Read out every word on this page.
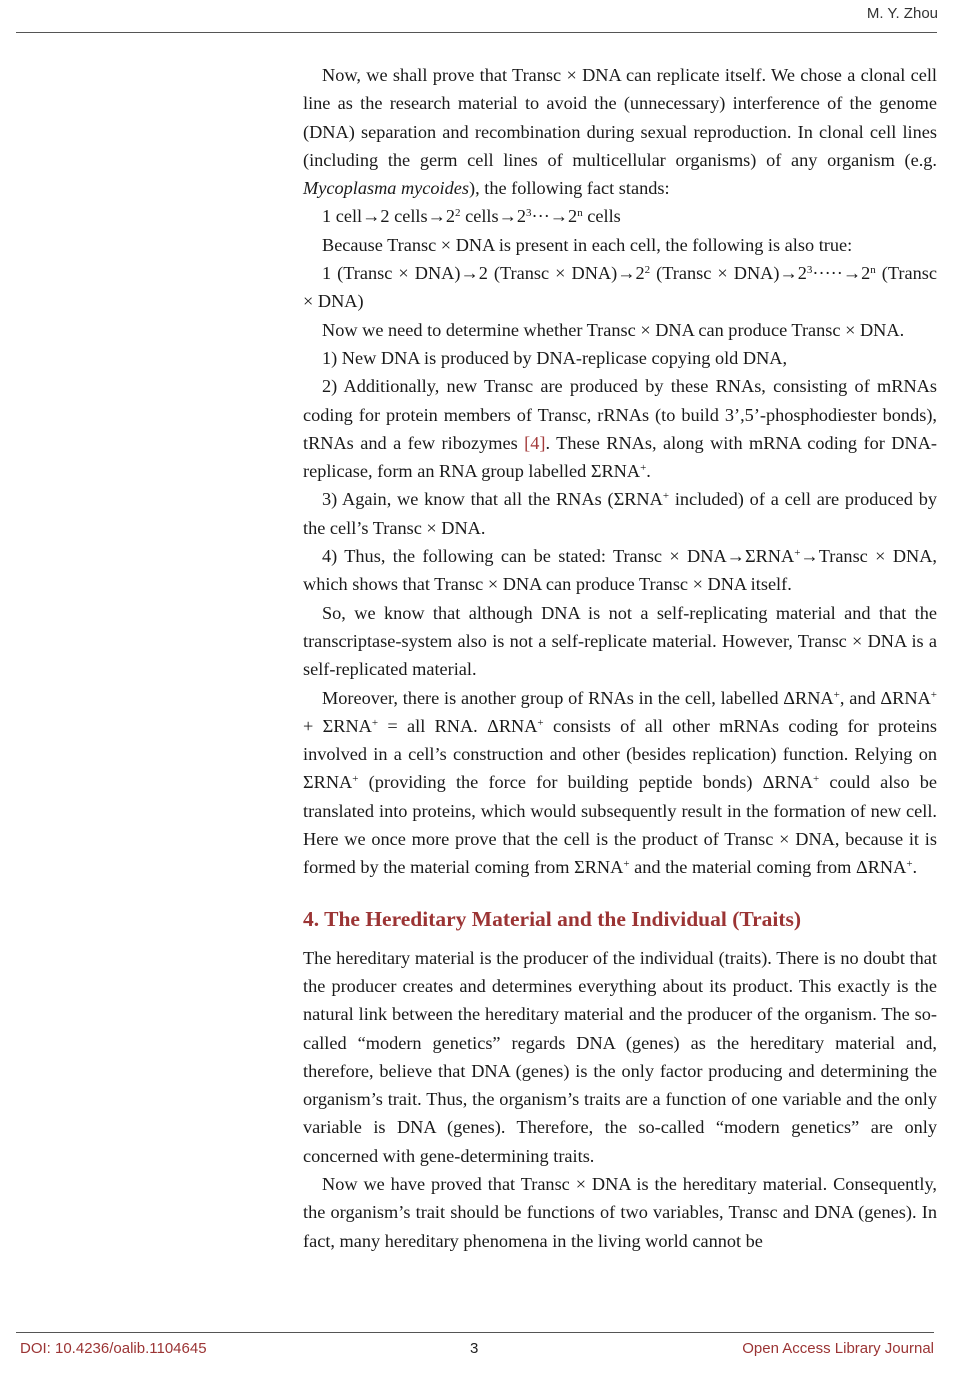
M. Y. Zhou

Now, we shall prove that Transc × DNA can replicate itself. We chose a clonal cell line as the research material to avoid the (unnecessary) interference of the genome (DNA) separation and recombination during sexual reproduction. In clonal cell lines (including the germ cell lines of multicellular organisms) of any organism (e.g. Mycoplasma mycoides), the following fact stands:

1 cell→2 $cells\to 2^2$ $cells\to 2^3\cdot\cdot\cdot\to 2^n$ cells

Because Transc × DNA is present in each cell, the following is also true:

1 (Transc × DNA)→2 (Transc × $DNA)\to 2^2$ (Transc × $DNA)\to 2^3\cdot\cdot\cdot\cdot\cdot\to 2^n$ (Transc × DNA)

Now we need to determine whether Transc × DNA can produce Transc × DNA.

1) New DNA is produced by DNA-replicase copying old DNA,

2) Additionally, new Transc are produced by these RNAs, consisting of mRNAs coding for protein members of Transc, rRNAs (to build 3’,5’-phosphodiester bonds), tRNAs and a few ribozymes [4]. These RNAs, along with mRNA coding for DNA-replicase, form an RNA group labelled ΣRNA+.

3) Again, we know that all the RNAs (ΣRNA+ included) of a cell are produced by the cell’s Transc × DNA.

4) Thus, the following can be stated: Transc × DNA→ΣRNA+→Transc × DNA, which shows that Transc × DNA can produce Transc × DNA itself.

So, we know that although DNA is not a self-replicating material and that the transcriptase-system also is not a self-replicate material. However, Transc × DNA is a self-replicated material.

Moreover, there is another group of RNAs in the cell, labelled ΔRNA+, and ΔRNA+ + ΣRNA+ = all RNA. ΔRNA+ consists of all other mRNAs coding for proteins involved in a cell’s construction and other (besides replication) function. Relying on ΣRNA+ (providing the force for building peptide bonds) ΔRNA+ could also be translated into proteins, which would subsequently result in the formation of new cell. Here we once more prove that the cell is the product of Transc × DNA, because it is formed by the material coming from ΣRNA+ and the material coming from ΔRNA+.

4. The Hereditary Material and the Individual (Traits)

The hereditary material is the producer of the individual (traits). There is no doubt that the producer creates and determines everything about its product. This exactly is the natural link between the hereditary material and the producer of the organism. The so-called “modern genetics” regards DNA (genes) as the hereditary material and, therefore, believe that DNA (genes) is the only factor producing and determining the organism’s trait. Thus, the organism’s traits are a function of one variable and the only variable is DNA (genes). Therefore, the so-called “modern genetics” are only concerned with gene-determining traits.

Now we have proved that Transc × DNA is the hereditary material. Consequently, the organism’s trait should be functions of two variables, Transc and DNA (genes). In fact, many hereditary phenomena in the living world cannot be

DOI: 10.4236/oalib.1104645	3	Open Access Library Journal
